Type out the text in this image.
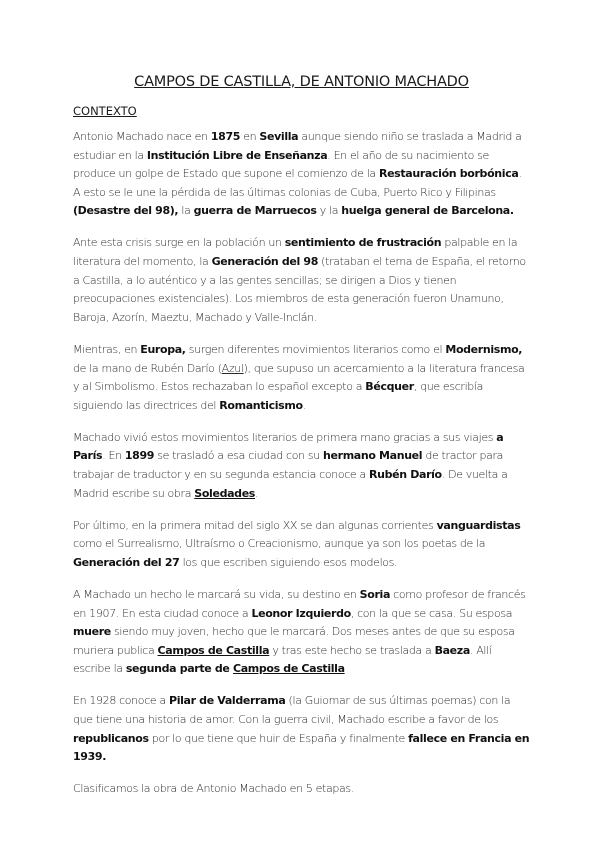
CAMPOS DE CASTILLA, DE ANTONIO MACHADO
CONTEXTO

Antonio Machado nace en 1875 en Sevilla aunque siendo niño se traslada a Madrid a estudiar en la Institución Libre de Enseñanza. En el año de su nacimiento se produce un golpe de Estado que supone el comienzo de la Restauración borbónica. A esto se le une la pérdida de las últimas colonias de Cuba, Puerto Rico y Filipinas (Desastre del 98), la guerra de Marruecos y la huelga general de Barcelona.

Ante esta crisis surge en la población un sentimiento de frustración palpable en la literatura del momento, la Generación del 98 (trataban el tema de España, el retorno a Castilla, a lo auténtico y a las gentes sencillas; se dirigen a Dios y tienen preocupaciones existenciales). Los miembros de esta generación fueron Unamuno, Baroja, Azorín, Maeztu, Machado y Valle-Inclán.

Mientras, en Europa, surgen diferentes movimientos literarios como el Modernismo, de la mano de Rubén Darío (Azul), que supuso un acercamiento a la literatura francesa y al Simbolismo. Estos rechazaban lo español excepto a Bécquer, que escribía siguiendo las directrices del Romanticismo.

Machado vivió estos movimientos literarios de primera mano gracias a sus viajes a París. En 1899 se trasladó a esa ciudad con su hermano Manuel de tractor para trabajar de traductor y en su segunda estancia conoce a Rubén Darío. De vuelta a Madrid escribe su obra Soledades.

Por último, en la primera mitad del siglo XX se dan algunas corrientes vanguardistas como el Surrealismo, Ultraísmo o Creacionismo, aunque ya son los poetas de la Generación del 27 los que escriben siguiendo esos modelos.

A Machado un hecho le marcará su vida, su destino en Soria como profesor de francés en 1907. En esta ciudad conoce a Leonor Izquierdo, con la que se casa. Su esposa muere siendo muy joven, hecho que le marcará. Dos meses antes de que su esposa muriera publica Campos de Castilla y tras este hecho se traslada a Baeza. Allí escribe la segunda parte de Campos de Castilla

En 1928 conoce a Pilar de Valderrama (la Guiomar de sus últimas poemas) con la que tiene una historia de amor. Con la guerra civil, Machado escribe a favor de los republicanos por lo que tiene que huir de España y finalmente fallece en Francia en 1939.

Clasificamos la obra de Antonio Machado en 5 etapas.
